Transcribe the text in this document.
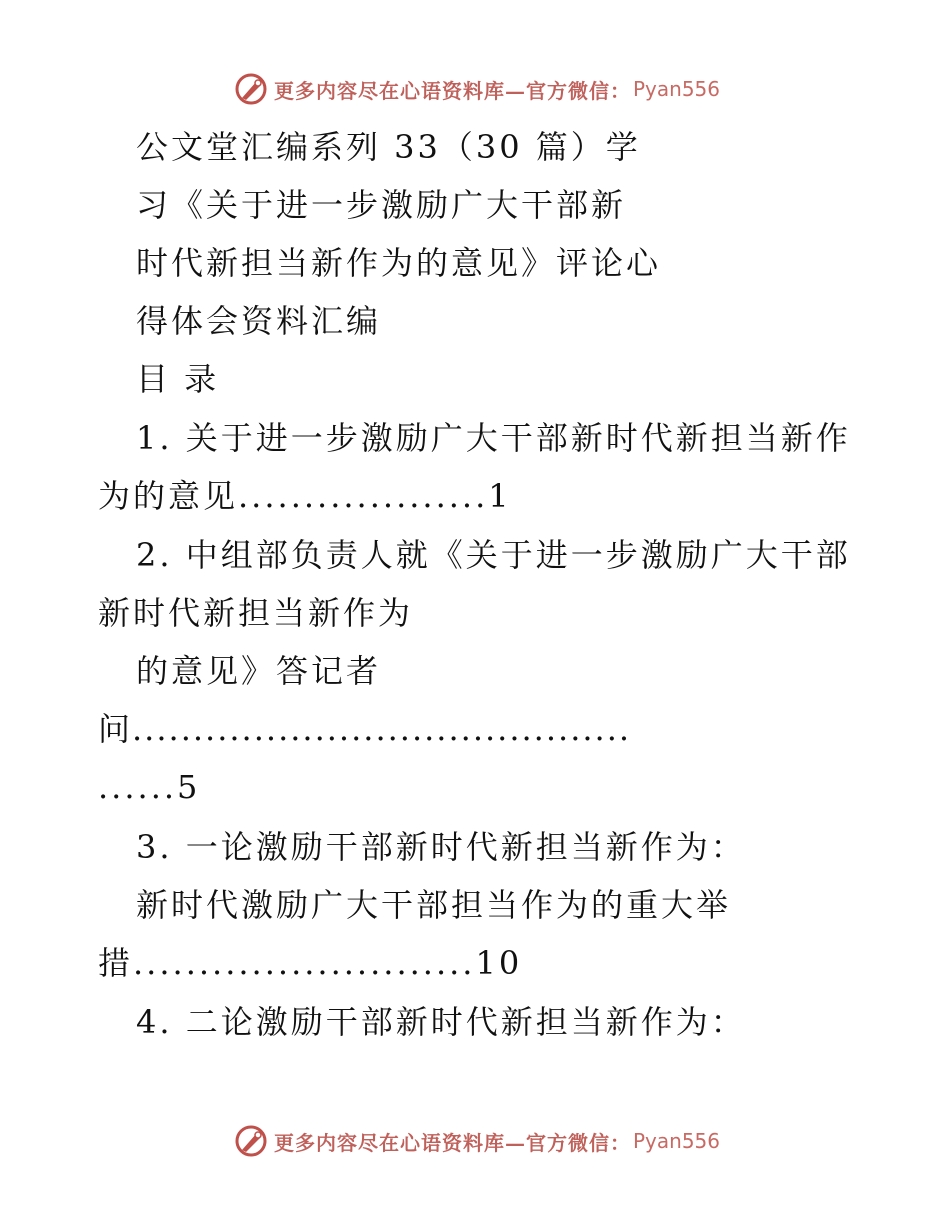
更多内容尽在心语资料库—官方微信： Pyan556
公文堂汇编系列 33（30 篇）学
习《关于进一步激励广大干部新
时代新担当新作为的意见》评论心
得体会资料汇编
目 录
1. 关于进一步激励广大干部新时代新担当新作
为的意见...................1
2. 中组部负责人就《关于进一步激励广大干部
新时代新担当新作为
的意见》答记者
问.........................................
......5
3. 一论激励干部新时代新担当新作为：
新时代激励广大干部担当作为的重大举
措..........................10
4. 二论激励干部新时代新担当新作为：
更多内容尽在心语资料库—官方微信： Pyan556
